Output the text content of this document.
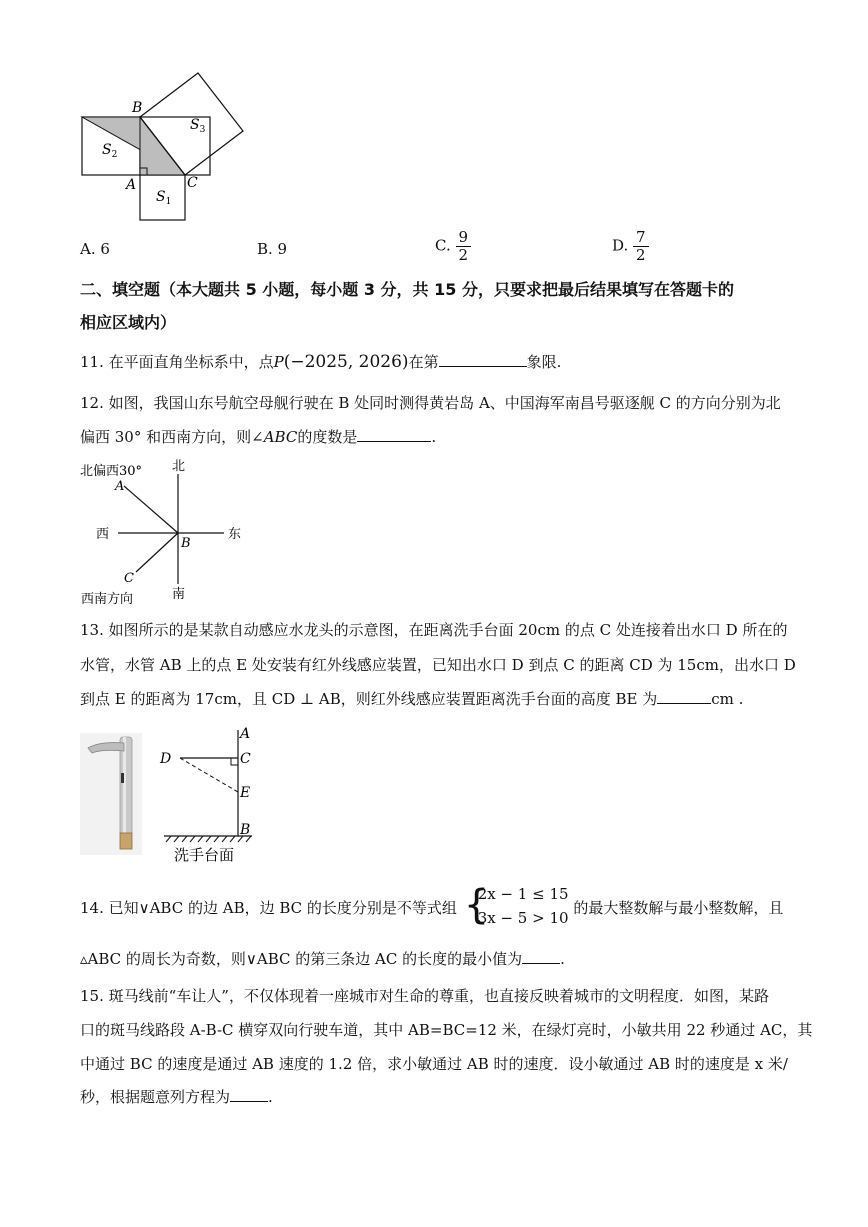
B
A	C
$S_1$
$S_2$
$S_3$
A. 6	B. 9	C. $\frac{9}{2}$	D. $\frac{7}{2}$
二、填空题（本大题共 5 小题，每小题 3 分，共 15 分，只要求把最后结果填写在答题卡的
相应区域内）
11. 在平面直角坐标系中，点P(−2025, 2026)在第	象限.
12. 如图，我国山东号航空母舰行驶在 B 处同时测得黄岩岛 A、中国海军南昌号驱逐舰 C 的方向分别为北
偏西 30° 和西南方向，则∠ABC的度数是	.
北
南
西	东
北偏西30°
西南方向
A
B
C
13. 如图所示的是某款自动感应水龙头的示意图，在距离洗手台面 20cm 的点 C 处连接着出水口 D 所在的
水管，水管 AB 上的点 E 处安装有红外线感应装置，已知出水口 D 到点 C 的距离 CD 为 15cm，出水口 D
到点 E 的距离为 17cm，且 CD ⊥ AB，则红外线感应装置距离洗手台面的高度 BE 为	cm .
A
C
D
E
B
洗手台面
14. 已知∨ABC 的边 AB，边 BC 的长度分别是不等式组 {
2x − 1 ≤ 15
3x − 5 > 10
的最大整数解与最小整数解，且
▵ABC 的周长为奇数，则∨ABC 的第三条边 AC 的长度的最小值为	.
15. 斑马线前“车让人”，不仅体现着一座城市对生命的尊重，也直接反映着城市的文明程度．如图，某路
口的斑马线路段 A-B-C 横穿双向行驶车道，其中 AB=BC=12 米，在绿灯亮时，小敏共用 22 秒通过 AC，其
中通过 BC 的速度是通过 AB 速度的 1.2 倍，求小敏通过 AB 时的速度．设小敏通过 AB 时的速度是 x 米/
秒，根据题意列方程为	.
